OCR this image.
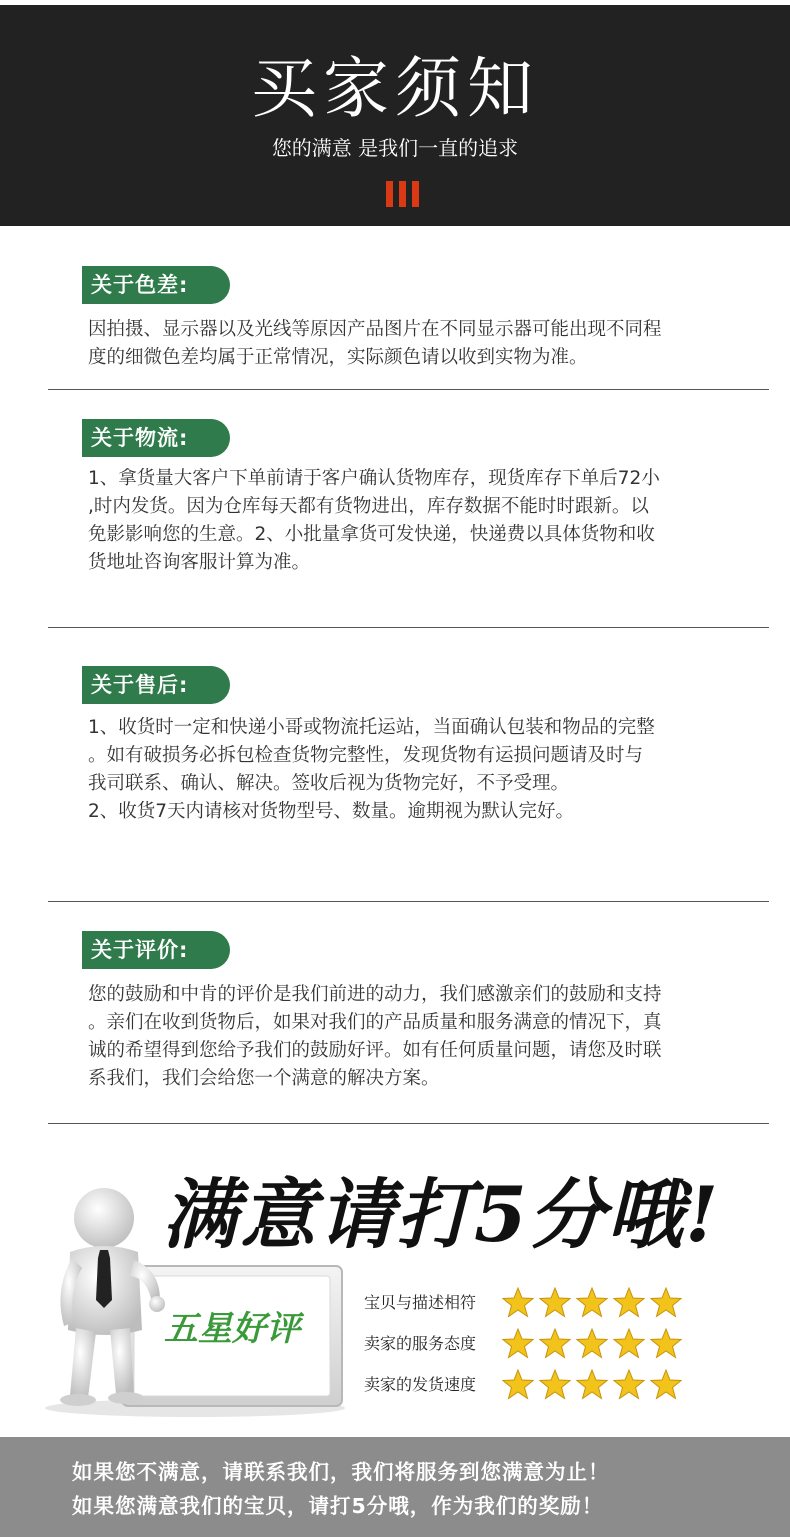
买家须知
您的满意 是我们一直的追求
关于色差:
因拍摄、显示器以及光线等原因产品图片在不同显示器可能出现不同程
度的细微色差均属于正常情况，实际颜色请以收到实物为准。
关于物流:
1、拿货量大客户下单前请于客户确认货物库存，现货库存下单后72小
,时内发货。因为仓库每天都有货物进出，库存数据不能时时跟新。以
免影影响您的生意。2、小批量拿货可发快递，快递费以具体货物和收
货地址咨询客服计算为准。
关于售后:
1、收货时一定和快递小哥或物流托运站，当面确认包装和物品的完整
。如有破损务必拆包检查货物完整性，发现货物有运损问题请及时与
我司联系、确认、解决。签收后视为货物完好，不予受理。
2、收货7天内请核对货物型号、数量。逾期视为默认完好。
关于评价:
您的鼓励和中肯的评价是我们前进的动力，我们感激亲们的鼓励和支持
。亲们在收到货物后，如果对我们的产品质量和服务满意的情况下，真
诚的希望得到您给予我们的鼓励好评。如有任何质量问题，请您及时联
系我们，我们会给您一个满意的解决方案。
满意请打5分哦!
五星好评
宝贝与描述相符
卖家的服务态度
卖家的发货速度
如果您不满意，请联系我们，我们将服务到您满意为止！
如果您满意我们的宝贝，请打5分哦，作为我们的奖励！
